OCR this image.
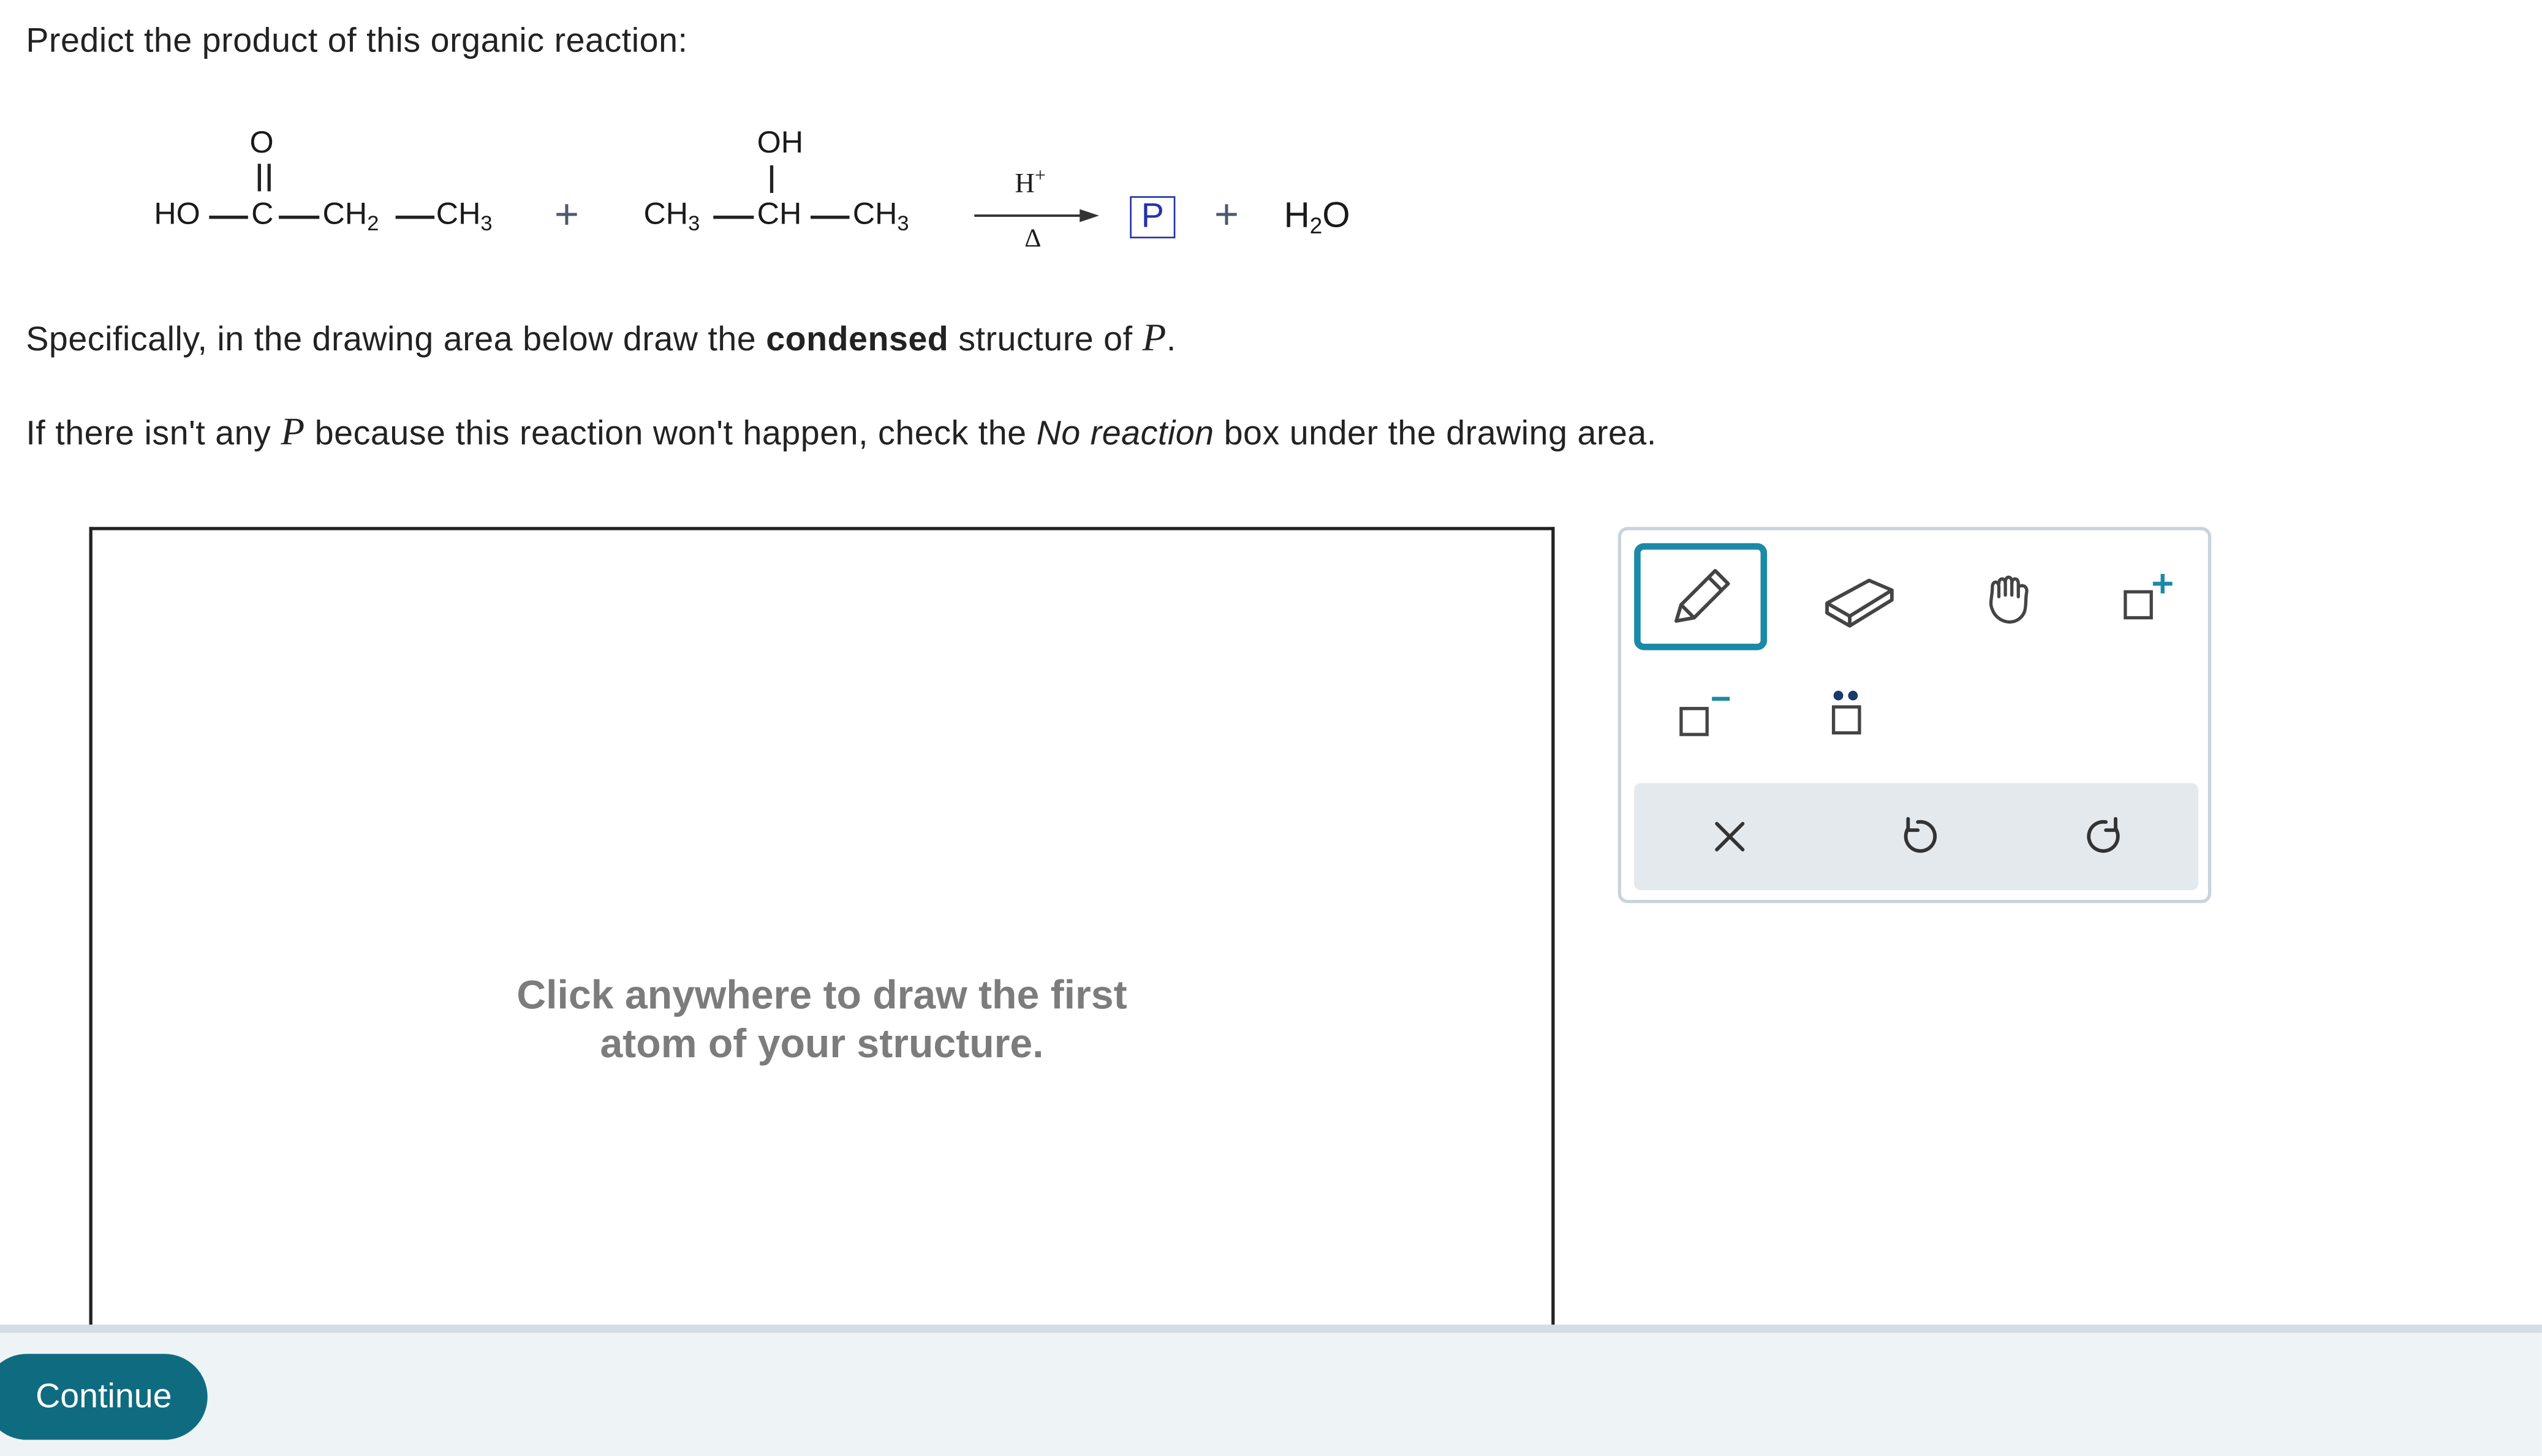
Predict the product of this organic reaction:
O
HO	C	$CH_2$	$CH_3$	+
OH
$CH_3$	CH	$CH_3$
H+
Δ
P	+	$H_2O$
Specifically, in the drawing area below draw the condensed structure of P.
If there isn't any P because this reaction won't happen, check the No reaction box under the drawing area.
Click anywhere to draw the first
atom of your structure.
Continue
